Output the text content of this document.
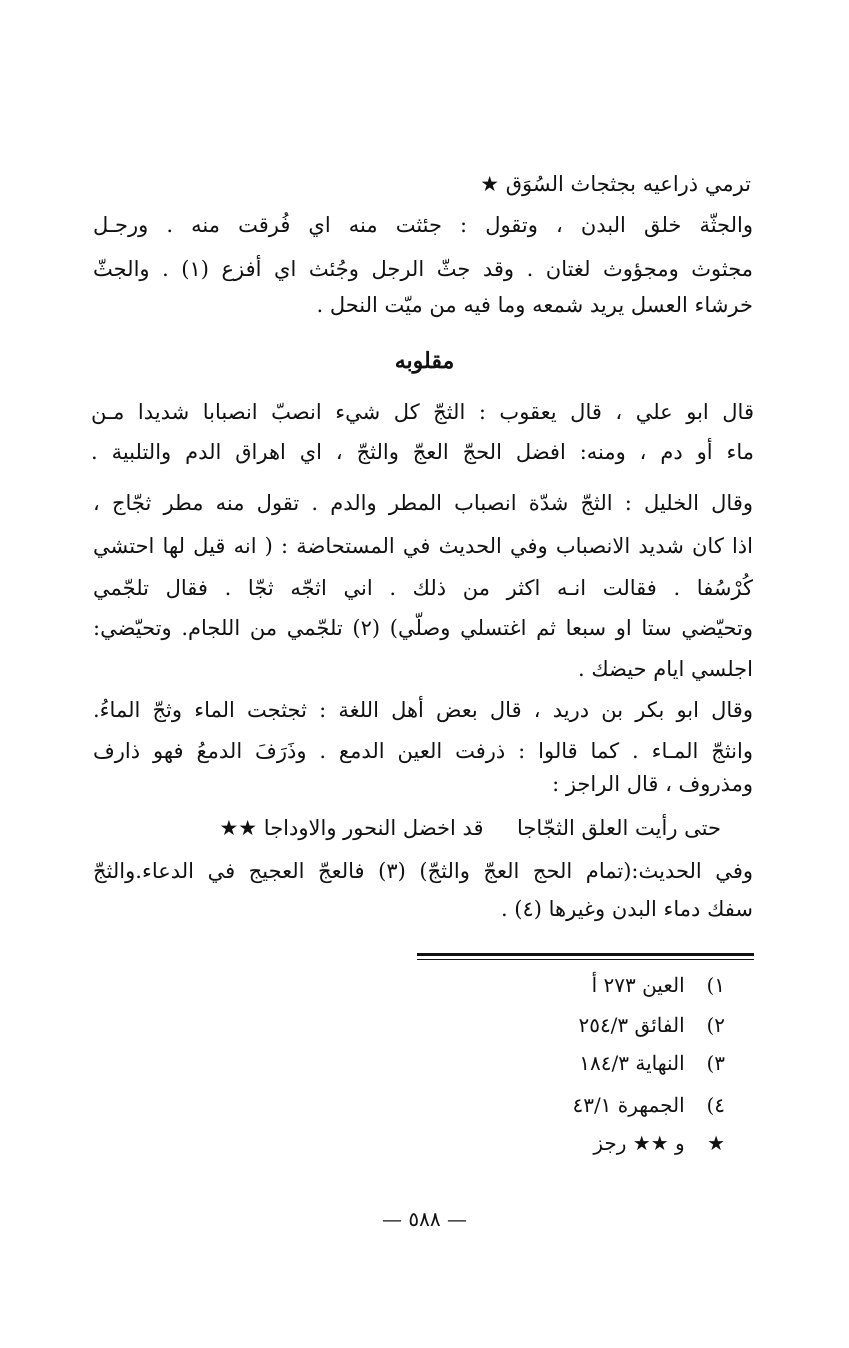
ترمي ذراعيه بجثجاث السُوَق ★
والجثّة خلق البدن ، وتقول : جئثت منه اي فُرقت منه . ورجـل
مجثوث ومجؤوث لغتان . وقد جثّ الرجل وجُئث اي أفزع (١) . والجثّ
خرشاء العسل يريد شمعه وما فيه من ميّت النحل .
مقلوبه
قال ابو علي ، قال يعقوب : الثجّ كل شيء انصبّ انصبابا شديدا مـن
ماء أو دم ، ومنه: افضل الحجّ العجّ والثجّ ، اي اهراق الدم والتلبية .
وقال الخليل : الثجّ شدّة انصباب المطر والدم . تقول منه مطر ثجّاج ،
اذا كان شديد الانصباب وفي الحديث في المستحاضة : ( انه قيل لها احتشي
كُرْسُفا . فقالت انـه اكثر من ذلك . اني اثجّه ثجّا . فقال تلجّمي
وتحيّضي ستا او سبعا ثم اغتسلي وصلّي) (٢) تلجّمي من اللجام. وتحيّضي:
اجلسي ايام حيضك .
وقال ابو بكر بن دريد ، قال بعض أهل اللغة : ثجثجت الماء وثجّ الماءُ.
وانثجّ المـاء . كما قالوا : ذرفت العين الدمع . وذَرَفَ الدمعُ فهو ذارف
ومذروف ، قال الراجز :
حتى رأيت العلق الثجّاجا     قد اخضل النحور والاوداجا ★★
وفي الحديث:(تمام الحج العجّ والثجّ) (٣) فالعجّ العجيج في الدعاء.والثجّ
سفك دماء البدن وغيرها (٤) .
١) العين ٢٧٣ أ
٢) الفائق ٢٥٤/٣
٣) النهاية ١٨٤/٣
٤) الجمهرة ٤٣/١
★ و ★★ رجز
— ٥٨٨ —
